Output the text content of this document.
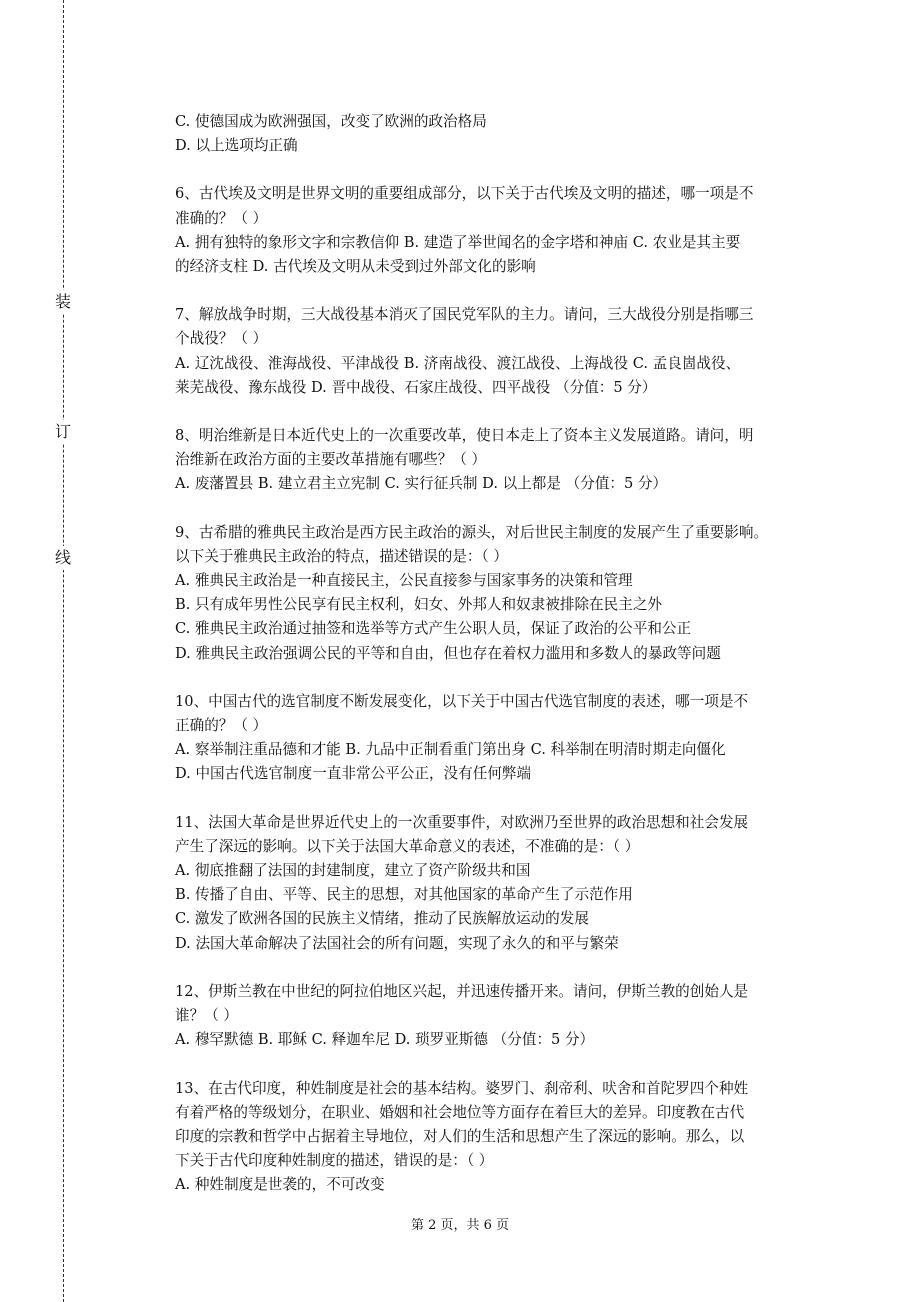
装
订
线
C. 使德国成为欧洲强国，改变了欧洲的政治格局
D. 以上选项均正确
6、古代埃及文明是世界文明的重要组成部分，以下关于古代埃及文明的描述，哪一项是不
准确的？（ ）
A. 拥有独特的象形文字和宗教信仰 B. 建造了举世闻名的金字塔和神庙 C. 农业是其主要
的经济支柱 D. 古代埃及文明从未受到过外部文化的影响
7、解放战争时期，三大战役基本消灭了国民党军队的主力。请问，三大战役分别是指哪三
个战役？（ ）
A. 辽沈战役、淮海战役、平津战役 B. 济南战役、渡江战役、上海战役 C. 孟良崮战役、
莱芜战役、豫东战役 D. 晋中战役、石家庄战役、四平战役 （分值：5 分）
8、明治维新是日本近代史上的一次重要改革，使日本走上了资本主义发展道路。请问，明
治维新在政治方面的主要改革措施有哪些？（ ）
A. 废藩置县 B. 建立君主立宪制 C. 实行征兵制 D. 以上都是 （分值：5 分）
9、古希腊的雅典民主政治是西方民主政治的源头，对后世民主制度的发展产生了重要影响。
以下关于雅典民主政治的特点，描述错误的是：（ ）
A. 雅典民主政治是一种直接民主，公民直接参与国家事务的决策和管理
B. 只有成年男性公民享有民主权利，妇女、外邦人和奴隶被排除在民主之外
C. 雅典民主政治通过抽签和选举等方式产生公职人员，保证了政治的公平和公正
D. 雅典民主政治强调公民的平等和自由，但也存在着权力滥用和多数人的暴政等问题
10、中国古代的选官制度不断发展变化，以下关于中国古代选官制度的表述，哪一项是不
正确的？（ ）
A. 察举制注重品德和才能 B. 九品中正制看重门第出身 C. 科举制在明清时期走向僵化
D. 中国古代选官制度一直非常公平公正，没有任何弊端
11、法国大革命是世界近代史上的一次重要事件，对欧洲乃至世界的政治思想和社会发展
产生了深远的影响。以下关于法国大革命意义的表述，不准确的是：（ ）
A. 彻底推翻了法国的封建制度，建立了资产阶级共和国
B. 传播了自由、平等、民主的思想，对其他国家的革命产生了示范作用
C. 激发了欧洲各国的民族主义情绪，推动了民族解放运动的发展
D. 法国大革命解决了法国社会的所有问题，实现了永久的和平与繁荣
12、伊斯兰教在中世纪的阿拉伯地区兴起，并迅速传播开来。请问，伊斯兰教的创始人是
谁？（ ）
A. 穆罕默德 B. 耶稣 C. 释迦牟尼 D. 琐罗亚斯德 （分值：5 分）
13、在古代印度，种姓制度是社会的基本结构。婆罗门、刹帝利、吠舍和首陀罗四个种姓
有着严格的等级划分，在职业、婚姻和社会地位等方面存在着巨大的差异。印度教在古代
印度的宗教和哲学中占据着主导地位，对人们的生活和思想产生了深远的影响。那么，以
下关于古代印度种姓制度的描述，错误的是：（ ）
A. 种姓制度是世袭的，不可改变
第 2 页，共 6 页
